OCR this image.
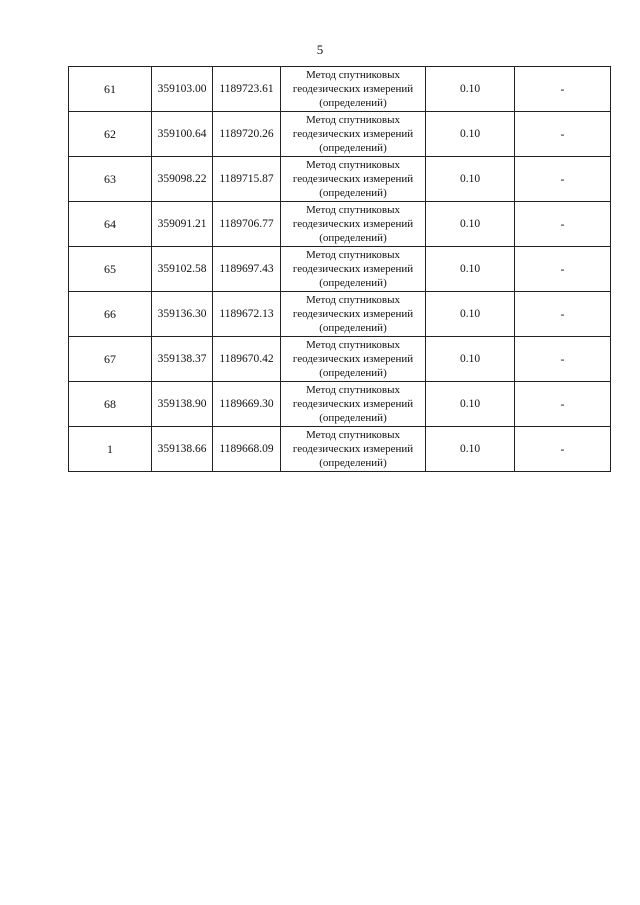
5
61	359103.00	1189723.61	Метод спутниковых
геодезических измерений
(определений)	0.10	-
62	359100.64	1189720.26	Метод спутниковых
геодезических измерений
(определений)	0.10	-
63	359098.22	1189715.87	Метод спутниковых
геодезических измерений
(определений)	0.10	-
64	359091.21	1189706.77	Метод спутниковых
геодезических измерений
(определений)	0.10	-
65	359102.58	1189697.43	Метод спутниковых
геодезических измерений
(определений)	0.10	-
66	359136.30	1189672.13	Метод спутниковых
геодезических измерений
(определений)	0.10	-
67	359138.37	1189670.42	Метод спутниковых
геодезических измерений
(определений)	0.10	-
68	359138.90	1189669.30	Метод спутниковых
геодезических измерений
(определений)	0.10	-
1	359138.66	1189668.09	Метод спутниковых
геодезических измерений
(определений)	0.10	-
